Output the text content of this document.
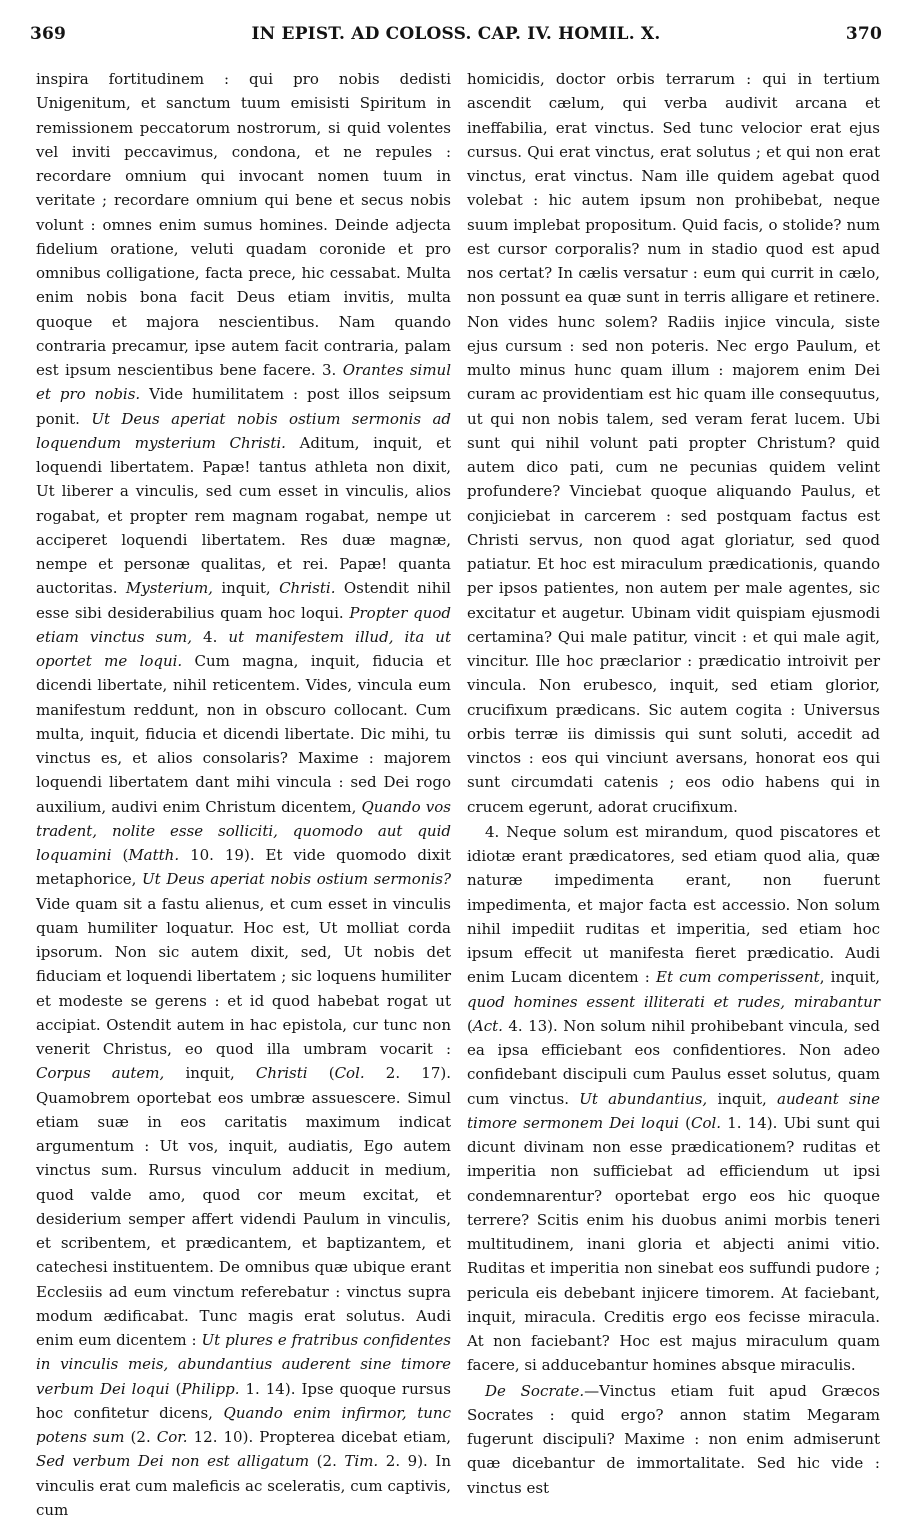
369	IN EPIST. AD COLOSS. CAP. IV. HOMIL. X.	370

inspira fortitudinem : qui pro nobis dedisti Unigenitum, et sanctum tuum emisisti Spiritum in remissionem peccatorum nostrorum, si quid volentes vel inviti peccavimus, condona, et ne repules : recordare omnium qui invocant nomen tuum in veritate ; recordare omnium qui bene et secus nobis volunt : omnes enim sumus homines. Deinde adjecta fidelium oratione, veluti quadam coronide et pro omnibus colligatione, facta prece, hic cessabat. Multa enim nobis bona facit Deus etiam invitis, multa quoque et majora nescientibus. Nam quando contraria precamur, ipse autem facit contraria, palam est ipsum nescientibus bene facere. 3. Orantes simul et pro nobis. Vide humilitatem : post illos seipsum ponit. Ut Deus aperiat nobis ostium sermonis ad loquendum mysterium Christi. Aditum, inquit, et loquendi libertatem. Papæ! tantus athleta non dixit, Ut liberer a vinculis, sed cum esset in vinculis, alios rogabat, et propter rem magnam rogabat, nempe ut acciperet loquendi libertatem. Res duæ magnæ, nempe et personæ qualitas, et rei. Papæ! quanta auctoritas. Mysterium, inquit, Christi. Ostendit nihil esse sibi desiderabilius quam hoc loqui. Propter quod etiam vinctus sum, 4. ut manifestem illud, ita ut oportet me loqui. Cum magna, inquit, fiducia et dicendi libertate, nihil reticentem. Vides, vincula eum manifestum reddunt, non in obscuro collocant. Cum multa, inquit, fiducia et dicendi libertate. Dic mihi, tu vinctus es, et alios consolaris? Maxime : majorem loquendi libertatem dant mihi vincula : sed Dei rogo auxilium, audivi enim Christum dicentem, Quando vos tradent, nolite esse solliciti, quomodo aut quid loquamini (Matth. 10. 19). Et vide quomodo dixit metaphorice, Ut Deus aperiat nobis ostium sermonis? Vide quam sit a fastu alienus, et cum esset in vinculis quam humiliter loquatur. Hoc est, Ut molliat corda ipsorum. Non sic autem dixit, sed, Ut nobis det fiduciam et loquendi libertatem ; sic loquens humiliter et modeste se gerens : et id quod habebat rogat ut accipiat. Ostendit autem in hac epistola, cur tunc non venerit Christus, eo quod illa umbram vocarit : Corpus autem, inquit, Christi (Col. 2. 17). Quamobrem oportebat eos umbræ assuescere. Simul etiam suæ in eos caritatis maximum indicat argumentum : Ut vos, inquit, audiatis, Ego autem vinctus sum. Rursus vinculum adducit in medium, quod valde amo, quod cor meum excitat, et desiderium semper affert videndi Paulum in vinculis, et scribentem, et prædicantem, et baptizantem, et catechesi instituentem. De omnibus quæ ubique erant Ecclesiis ad eum vinctum referebatur : vinctus supra modum ædificabat. Tunc magis erat solutus. Audi enim eum dicentem : Ut plures e fratribus confidentes in vinculis meis, abundantius auderent sine timore verbum Dei loqui (Philipp. 1. 14). Ipse quoque rursus hoc confitetur dicens, Quando enim infirmor, tunc potens sum (2. Cor. 12. 10). Propterea dicebat etiam, Sed verbum Dei non est alligatum (2. Tim. 2. 9). In vinculis erat cum maleficis ac sceleratis, cum captivis, cum

homicidis, doctor orbis terrarum : qui in tertium ascendit cælum, qui verba audivit arcana et ineffabilia, erat vinctus. Sed tunc velocior erat ejus cursus. Qui erat vinctus, erat solutus ; et qui non erat vinctus, erat vinctus. Nam ille quidem agebat quod volebat : hic autem ipsum non prohibebat, neque suum implebat propositum. Quid facis, o stolide? num est cursor corporalis? num in stadio quod est apud nos certat? In cælis versatur : eum qui currit in cælo, non possunt ea quæ sunt in terris alligare et retinere. Non vides hunc solem? Radiis injice vincula, siste ejus cursum : sed non poteris. Nec ergo Paulum, et multo minus hunc quam illum : majorem enim Dei curam ac providentiam est hic quam ille consequutus, ut qui non nobis talem, sed veram ferat lucem. Ubi sunt qui nihil volunt pati propter Christum? quid autem dico pati, cum ne pecunias quidem velint profundere? Vinciebat quoque aliquando Paulus, et conjiciebat in carcerem : sed postquam factus est Christi servus, non quod agat gloriatur, sed quod patiatur. Et hoc est miraculum prædicationis, quando per ipsos patientes, non autem per male agentes, sic excitatur et augetur. Ubinam vidit quispiam ejusmodi certamina? Qui male patitur, vincit : et qui male agit, vincitur. Ille hoc præclarior : prædicatio introivit per vincula. Non erubesco, inquit, sed etiam glorior, crucifixum prædicans. Sic autem cogita : Universus orbis terræ iis dimissis qui sunt soluti, accedit ad vinctos : eos qui vinciunt aversans, honorat eos qui sunt circumdati catenis ; eos odio habens qui in crucem egerunt, adorat crucifixum.

4. Neque solum est mirandum, quod piscatores et idiotæ erant prædicatores, sed etiam quod alia, quæ naturæ impedimenta erant, non fuerunt impedimenta, et major facta est accessio. Non solum nihil impediit ruditas et imperitia, sed etiam hoc ipsum effecit ut manifesta fieret prædicatio. Audi enim Lucam dicentem : Et cum comperissent, inquit, quod homines essent illiterati et rudes, mirabantur (Act. 4. 13). Non solum nihil prohibebant vincula, sed ea ipsa efficiebant eos confidentiores. Non adeo confidebant discipuli cum Paulus esset solutus, quam cum vinctus. Ut abundantius, inquit, audeant sine timore sermonem Dei loqui (Col. 1. 14). Ubi sunt qui dicunt divinam non esse prædicationem? ruditas et imperitia non sufficiebat ad efficiendum ut ipsi condemnarentur? oportebat ergo eos hic quoque terrere? Scitis enim his duobus animi morbis teneri multitudinem, inani gloria et abjecti animi vitio. Ruditas et imperitia non sinebat eos suffundi pudore ; pericula eis debebant injicere timorem. At faciebant, inquit, miracula. Creditis ergo eos fecisse miracula. At non faciebant? Hoc est majus miraculum quam facere, si adducebantur homines absque miraculis.

De Socrate.—Vinctus etiam fuit apud Græcos Socrates : quid ergo? annon statim Megaram fugerunt discipuli? Maxime : non enim admiserunt quæ dicebantur de immortalitate. Sed hic vide : vinctus est
